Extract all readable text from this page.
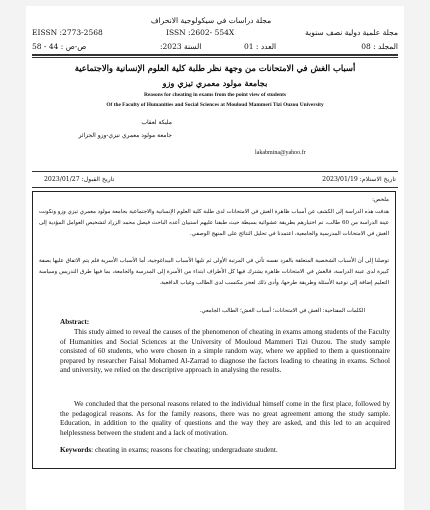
مجلة دراسات في سيكولوجية الانحراف
EISSN :2773-2568	ISSN :2602- 554X	مجلة علمية دولية نصف سنوية
ص-ص : 44 - 58	السنة 2023:	العدد : 01	المجلد : 08
أسباب الغش في الامتحانات من وجهة نظر طلبة كلية العلوم الإنسانية والاجتماعية
بجامعة مولود معمري تيزي وزو
Reasons for cheating in exams from the point view of students
Of the Faculty of Humanities and Social Sciences at Mouloud Mammeri Tizi Ouzou University
مليكة لعقاب
جامعة مولود معمري تيزي-وزو الجزائر
lakabmina@yahoo.fr
تاريخ الاستلام: 2023/01/19
تاريخ القبول: 2023/01/27
ملخص:
هدفت هذه الدراسة إلى الكشف عن أسباب ظاهرة الغش في الامتحانات لدى طلبة كلية العلوم الإنسانية والاجتماعية بجامعة مولود معمري تيزي وزو وتكونت عينة الدراسة من 60 طالب، تم اختيارهم بطريقة عشوائية بسيطة حيث طبقنا عليهم استبيان أعده الباحث فيصل محمد الزراد لتشخيص العوامل المؤدية إلى الغش في الامتحانات المدرسية والجامعية، اعتمدنا في تحليل النتائج على المنهج الوصفي.
توصلنا إلى أن الأسباب الشخصية المتعلقة بالفرد نفسه تأتي في المرتبة الأولى ثم تليها الأسباب البيداغوجية، أما الأسباب الأسرية فلم يتم الاتفاق عليها بصفة كبيرة لدى عينة الدراسة، فالغش في الامتحانات ظاهرة يشترك فيها كل الأطراف ابتداء من الأسرة إلى المدرسة والجامعة، بما فيها طرق التدريس وسياسة التعليم إضافة إلى نوعية الأسئلة وطريقة طرحها، وأدى ذلك لعجز مكتسب لدى الطالب وغياب الدافعية.
الكلمات المفتاحية: الغش في الامتحانات؛ أسباب الغش؛ الطالب الجامعي.
Abstract:
This study aimed to reveal the causes of the phenomenon of cheating in exams among students of the Faculty of Humanities and Social Sciences at the University of Mouloud Mammeri Tizi Ouzou. The study sample consisted of 60 students, who were chosen in a simple random way, where we applied to them a questionnaire prepared by researcher Faisal Mohamed Al-Zarrad to diagnose the factors leading to cheating in exams. School and university, we relied on the descriptive approach in analysing the results.
We concluded that the personal reasons related to the individual himself come in the first place, followed by the pedagogical reasons. As for the family reasons, there was no great agreement among the study sample. Education, in addition to the quality of questions and the way they are asked, and this led to an acquired helplessness between the student and a lack of motivation.
Keywords: cheating in exams; reasons for cheating; undergraduate student.
